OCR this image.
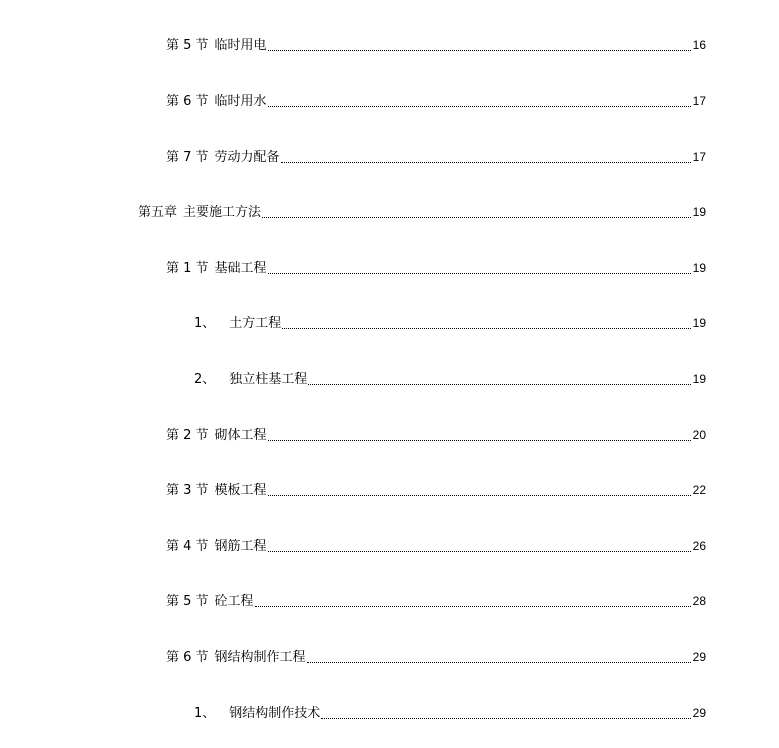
第 5 节 临时用电	16
第 6 节 临时用水	17
第 7 节 劳动力配备	17
第五章 主要施工方法	19
第 1 节 基础工程	19
1、 土方工程	19
2、 独立柱基工程	19
第 2 节 砌体工程	20
第 3 节 模板工程	22
第 4 节 钢筋工程	26
第 5 节 砼工程	28
第 6 节 钢结构制作工程	29
1、 钢结构制作技术	29
